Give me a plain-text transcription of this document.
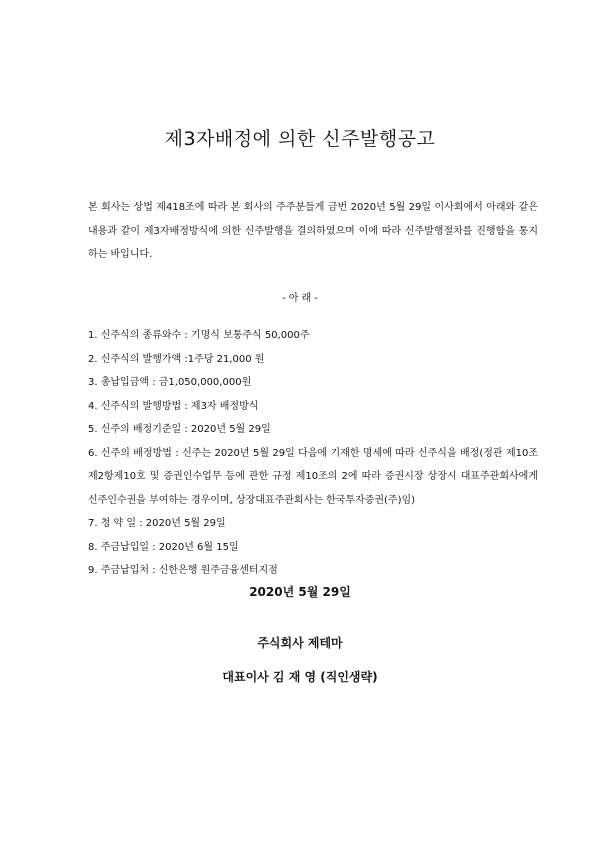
제3자배정에 의한 신주발행공고

본 회사는 상법 제418조에 따라 본 회사의 주주분들게 금번 2020년 5월 29일 이사회에서 아래와 같은 내용과 같이 제3자배정방식에 의한 신주발행을 결의하였으며 이에 따라 신주발행절차를 진행함을 통지하는 바입니다.

- 아 래 -
1. 신주식의 종류와수 : 기명식 보통주식 50,000주
2. 신주식의 발행가액 :1주당 21,000 원
3. 총납입금액 : 금1,050,000,000원
4. 신주식의 발행방법 : 제3자 배정방식
5. 신주의 배정기준일 : 2020년 5월 29일
6. 신주의 배정방법 : 신주는 2020년 5월 29일 다음에 기재한 명세에 따라 신주식을 배정(정관 제10조제2항제10호 및 증권인수업무 등에 관한 규정 제10조의 2에 따라 증권시장 상장시 대표주관회사에게 신주인수권을 부여하는 경우이며, 상장대표주관회사는 한국투자증권(주)임)
7. 청 약 일 : 2020년 5월 29일
8. 주금납입일 : 2020년 6월 15일
9. 주금납입처 : 신한은행 원주금융센터지점
2020년 5월 29일
주식회사 제테마
대표이사 김 재 영 (직인생략)
